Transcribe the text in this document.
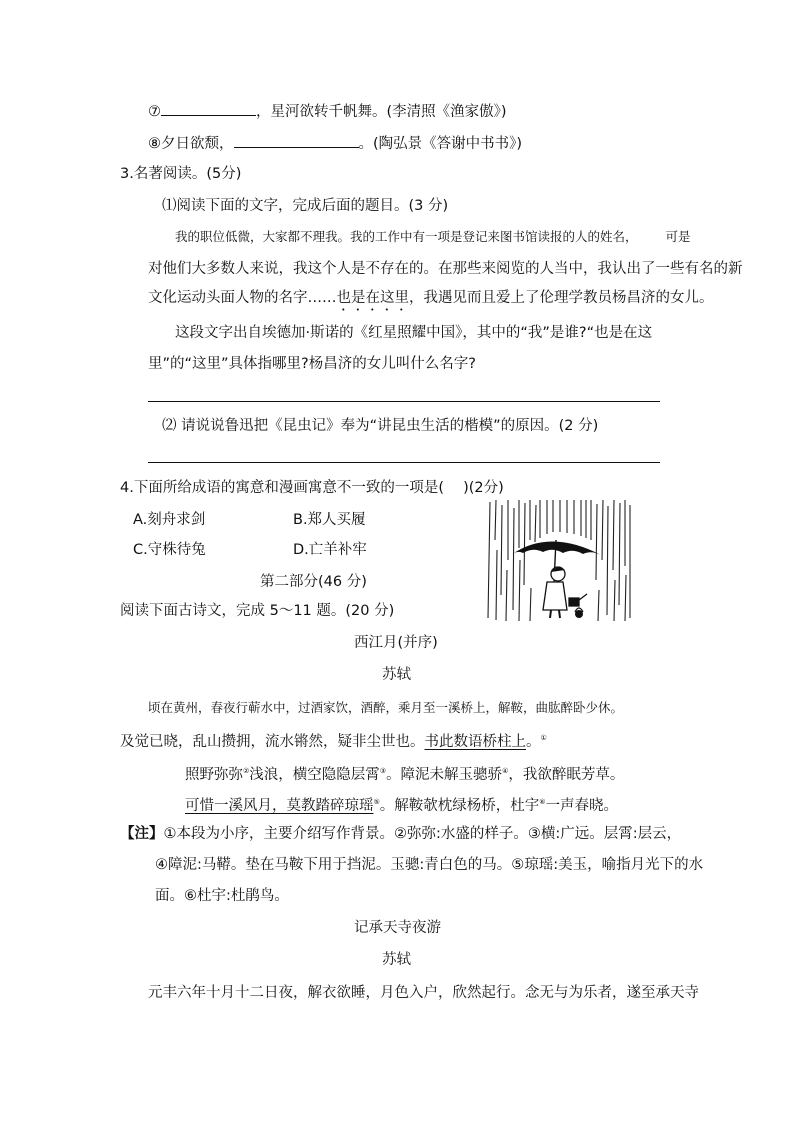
⑦	，星河欲转千帆舞。(李清照《渔家傲》)
⑧夕日欲颓，	。(陶弘景《答谢中书书》)
3.名著阅读。(5分)
⑴阅读下面的文字，完成后面的题目。(3 分)
我的职位低微，大家都不理我。我的工作中有一项是登记来图书馆读报的人的姓名， 可是
对他们大多数人来说，我这个人是不存在的。在那些来阅览的人当中，我认出了一些有名的新
文化运动头面人物的名字……也是在这里，我遇见而且爱上了伦理学教员杨昌济的女儿。
这段文字出自埃德加·斯诺的《红星照耀中国》，其中的“我”是谁?“也是在这
里”的“这里”具体指哪里?杨昌济的女儿叫什么名字?
⑵ 请说说鲁迅把《昆虫记》奉为“讲昆虫生活的楷模”的原因。(2 分)
4.下面所给成语的寓意和漫画寓意不一致的一项是(　 )(2分)
A.刻舟求剑	B.郑人买履
C.守株待兔	D.亡羊补牢
第二部分(46 分)
阅读下面古诗文，完成 5～11 题。(20 分)
西江月(并序)
苏轼
顷在黄州，春夜行蕲水中，过酒家饮，酒醉，乘月至一溪桥上，解鞍，曲肱醉卧少休。
及觉已晓，乱山攒拥，流水锵然，疑非尘世也。书此数语桥柱上。①
照野弥弥②浅浪，横空隐隐层霄③。障泥未解玉骢骄④，我欲醉眠芳草。
可惜一溪风月，莫教踏碎琼瑶⑤。解鞍欹枕绿杨桥，杜宇⑥一声春晓。
【注】①本段为小序，主要介绍写作背景。②弥弥:水盛的样子。③横:广远。层霄:层云，
④障泥:马鞯。垫在马鞍下用于挡泥。玉骢:青白色的马。⑤琼瑶:美玉，喻指月光下的水
面。⑥杜宇:杜鹃鸟。
记承天寺夜游
苏轼
元丰六年十月十二日夜，解衣欲睡，月色入户，欣然起行。念无与为乐者，遂至承天寺
